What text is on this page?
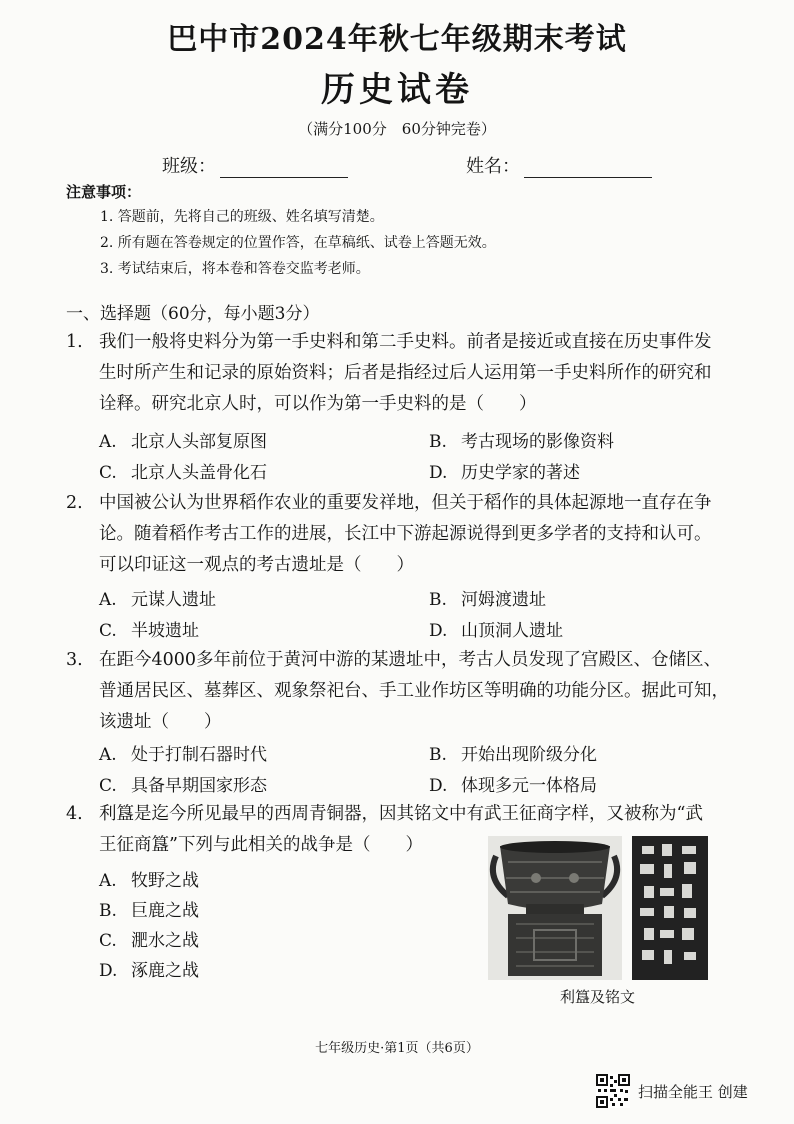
巴中市2024年秋七年级期末考试
历史试卷
（满分100分　60分钟完卷）
班级：	姓名：
注意事项：
1. 答题前，先将自己的班级、姓名填写清楚。
2. 所有题在答卷规定的位置作答，在草稿纸、试卷上答题无效。
3. 考试结束后，将本卷和答卷交监考老师。
一、选择题（60分，每小题3分）
1. 我们一般将史料分为第一手史料和第二手史料。前者是接近或直接在历史事件发
生时所产生和记录的原始资料；后者是指经过后人运用第一手史料所作的研究和
诠释。研究北京人时，可以作为第一手史料的是（　　）
A. 北京人头部复原图	B. 考古现场的影像资料
C. 北京人头盖骨化石	D. 历史学家的著述
2. 中国被公认为世界稻作农业的重要发祥地，但关于稻作的具体起源地一直存在争
论。随着稻作考古工作的进展，长江中下游起源说得到更多学者的支持和认可。
可以印证这一观点的考古遗址是（　　）
A. 元谋人遗址	B. 河姆渡遗址
C. 半坡遗址	D. 山顶洞人遗址
3. 在距今4000多年前位于黄河中游的某遗址中，考古人员发现了宫殿区、仓储区、
普通居民区、墓葬区、观象祭祀台、手工业作坊区等明确的功能分区。据此可知，
该遗址（　　）
A. 处于打制石器时代	B. 开始出现阶级分化
C. 具备早期国家形态	D. 体现多元一体格局
4. 利簋是迄今所见最早的西周青铜器，因其铭文中有武王征商字样，又被称为“武
王征商簋”下列与此相关的战争是（　　）
A. 牧野之战
B. 巨鹿之战
C. 淝水之战
D. 涿鹿之战
利簋及铭文
七年级历史·第1页（共6页）
扫描全能王 创建
